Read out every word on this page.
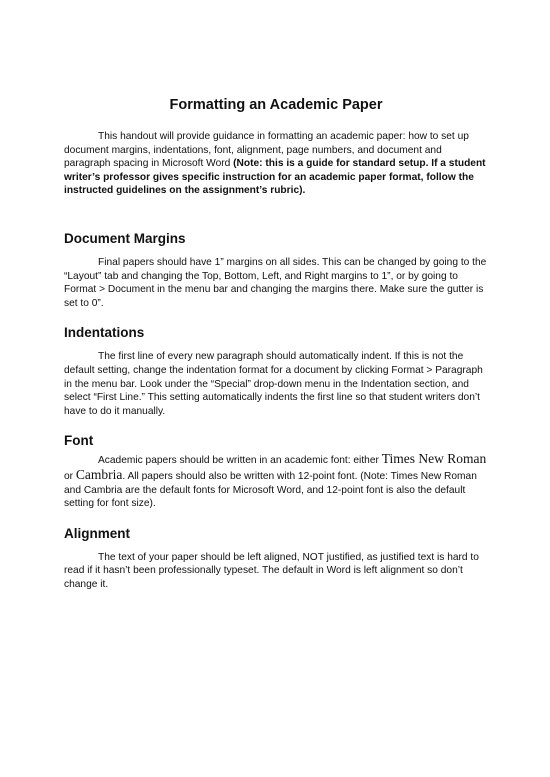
Formatting an Academic Paper

This handout will provide guidance in formatting an academic paper: how to set up document margins, indentations, font, alignment, page numbers, and document and paragraph spacing in Microsoft Word (Note: this is a guide for standard setup. If a student writer’s professor gives specific instruction for an academic paper format, follow the instructed guidelines on the assignment’s rubric).

Document Margins

Final papers should have 1” margins on all sides. This can be changed by going to the “Layout” tab and changing the Top, Bottom, Left, and Right margins to 1”, or by going to Format > Document in the menu bar and changing the margins there. Make sure the gutter is set to 0”.

Indentations

The first line of every new paragraph should automatically indent. If this is not the default setting, change the indentation format for a document by clicking Format > Paragraph in the menu bar. Look under the “Special” drop-down menu in the Indentation section, and select “First Line.” This setting automatically indents the first line so that student writers don’t have to do it manually.

Font

Academic papers should be written in an academic font: either Times New Roman or Cambria. All papers should also be written with 12-point font. (Note: Times New Roman and Cambria are the default fonts for Microsoft Word, and 12-point font is also the default setting for font size).

Alignment

The text of your paper should be left aligned, NOT justified, as justified text is hard to read if it hasn’t been professionally typeset. The default in Word is left alignment so don’t change it.
